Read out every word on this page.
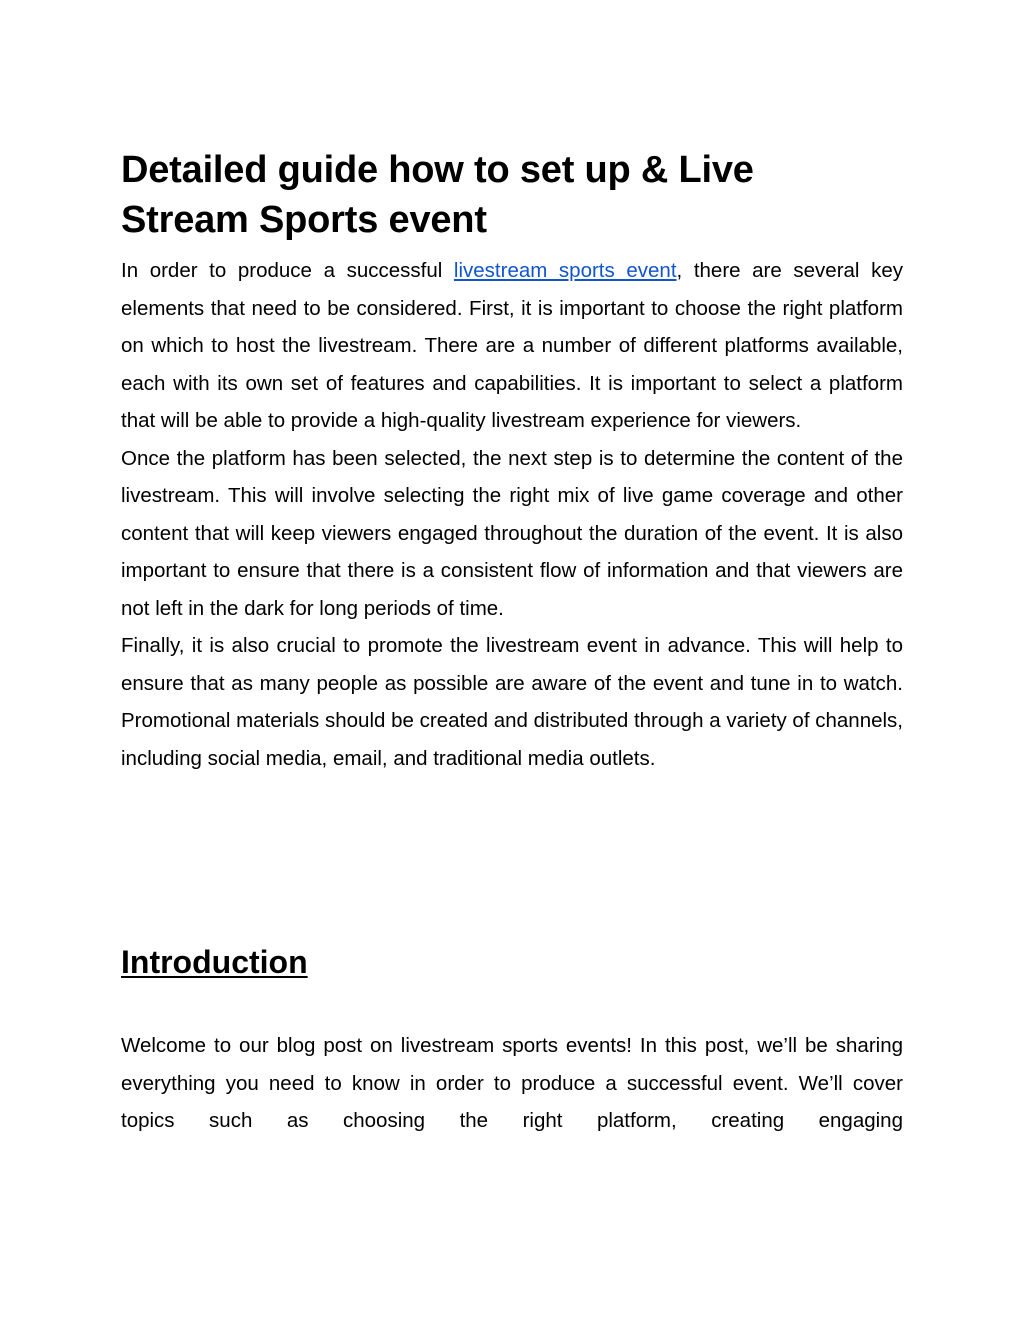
Detailed guide how to set up & Live Stream Sports event

In order to produce a successful livestream sports event, there are several key elements that need to be considered. First, it is important to choose the right platform on which to host the livestream. There are a number of different platforms available, each with its own set of features and capabilities. It is important to select a platform that will be able to provide a high-quality livestream experience for viewers.

Once the platform has been selected, the next step is to determine the content of the livestream. This will involve selecting the right mix of live game coverage and other content that will keep viewers engaged throughout the duration of the event. It is also important to ensure that there is a consistent flow of information and that viewers are not left in the dark for long periods of time.

Finally, it is also crucial to promote the livestream event in advance. This will help to ensure that as many people as possible are aware of the event and tune in to watch. Promotional materials should be created and distributed through a variety of channels, including social media, email, and traditional media outlets.

Introduction

Welcome to our blog post on livestream sports events! In this post, we’ll be sharing everything you need to know in order to produce a successful event. We’ll cover topics such as choosing the right platform, creating engaging
